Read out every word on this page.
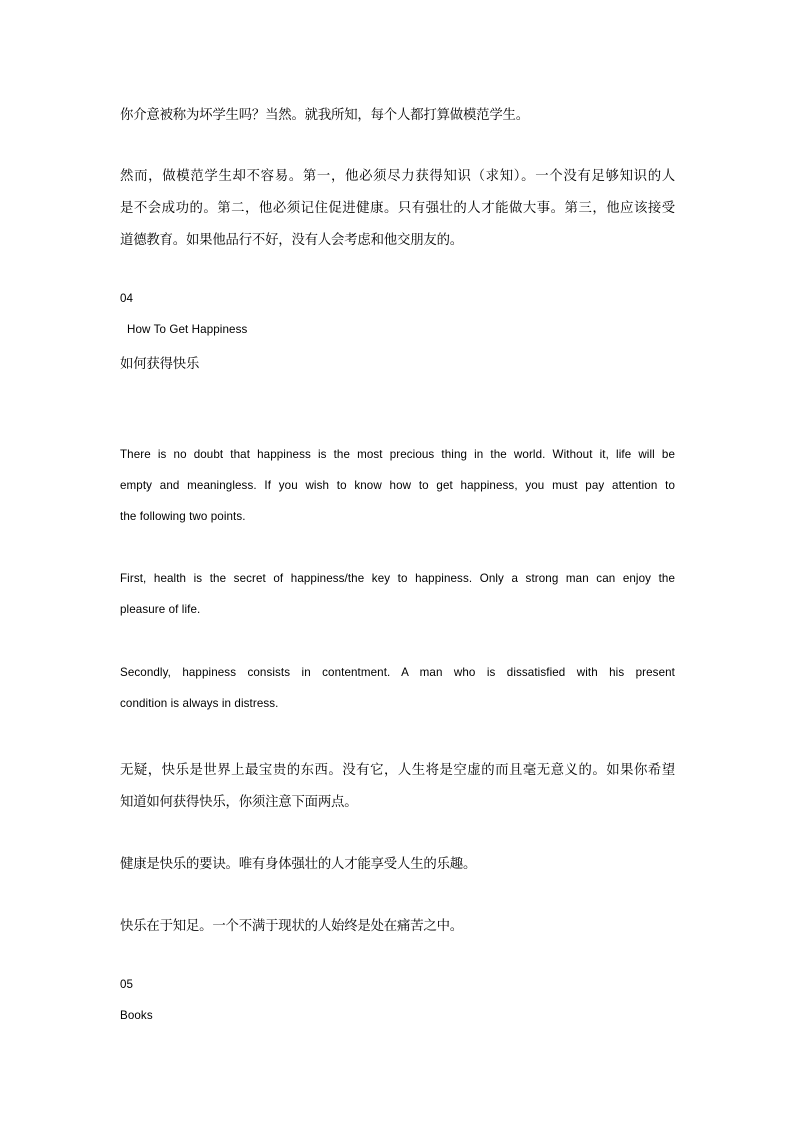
你介意被称为坏学生吗？当然。就我所知，每个人都打算做模范学生。
然而，做模范学生却不容易。第一，他必须尽力获得知识（求知）。一个没有足够知识的人
是不会成功的。第二，他必须记住促进健康。只有强壮的人才能做大事。第三，他应该接受
道德教育。如果他品行不好，没有人会考虑和他交朋友的。
04
How To Get Happiness
如何获得快乐
There is no doubt that happiness is the most precious thing in the world. Without it, life will be
empty and meaningless. If you wish to know how to get happiness, you must pay attention to
the following two points.
First, health is the secret of happiness/the key to happiness. Only a strong man can enjoy the
pleasure of life.
Secondly, happiness consists in contentment. A man who is dissatisfied with his present
condition is always in distress.
无疑，快乐是世界上最宝贵的东西。没有它，人生将是空虚的而且毫无意义的。如果你希望
知道如何获得快乐，你须注意下面两点。
健康是快乐的要诀。唯有身体强壮的人才能享受人生的乐趣。
快乐在于知足。一个不满于现状的人始终是处在痛苦之中。
05
Books
